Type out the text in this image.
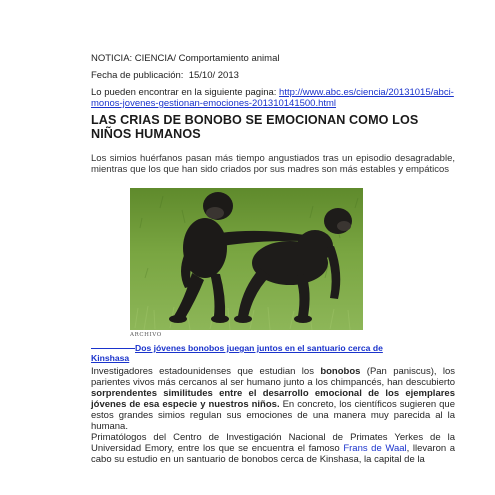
NOTICIA: CIENCIA/ Comportamiento animal
Fecha de publicación: 15/10/ 2013
Lo pueden encontrar en la siguiente pagina: http://www.abc.es/ciencia/20131015/abci-monos-jovenes-gestionan-emociones-201310141500.html
LAS CRIAS DE BONOBO SE EMOCIONAN COMO LOS NIÑOS HUMANOS
Los simios huérfanos pasan más tiempo angustiados tras un episodio desagradable, mientras que los que han sido criados por sus madres son más estables y empáticos
ARCHIVO
Dos jóvenes bonobos juegan juntos en el santuario cerca de Kinshasa

Investigadores estadounidenses que estudian los bonobos (Pan paniscus), los parientes vivos más cercanos al ser humano junto a los chimpancés, han descubierto sorprendentes similitudes entre el desarrollo emocional de los ejemplares jóvenes de esa especie y nuestros niños. En concreto, los científicos sugieren que estos grandes simios regulan sus emociones de una manera muy parecida al la humana.

Primatólogos del Centro de Investigación Nacional de Primates Yerkes de la Universidad Emory, entre los que se encuentra el famoso Frans de Waal, llevaron a cabo su estudio en un santuario de bonobos cerca de Kinshasa, la capital de la
